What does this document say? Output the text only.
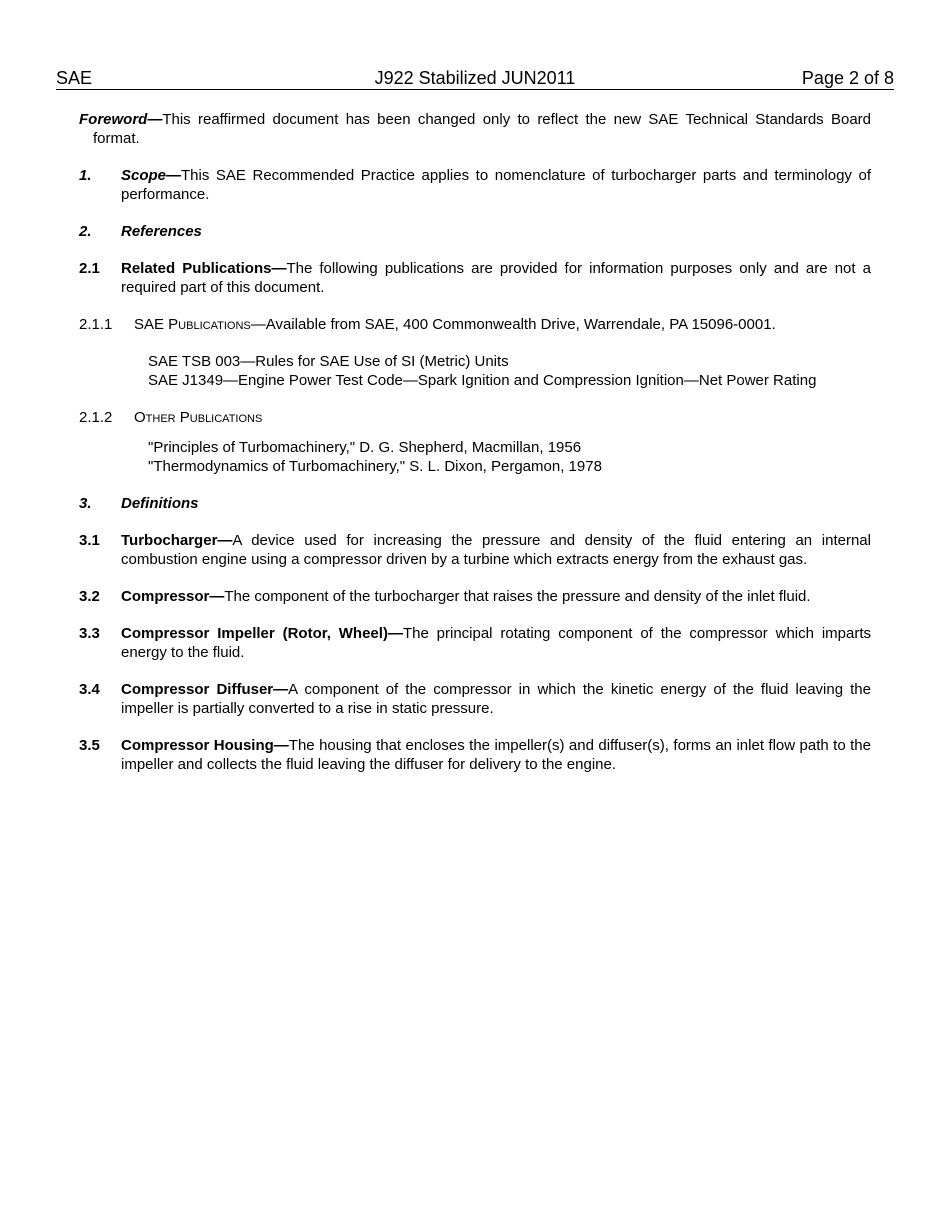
SAE	J922 Stabilized JUN2011	Page 2 of 8

Foreword—This reaffirmed document has been changed only to reflect the new SAE Technical Standards Board format.

1. Scope—This SAE Recommended Practice applies to nomenclature of turbocharger parts and terminology of performance.
2. References
2.1 Related Publications—The following publications are provided for information purposes only and are not a required part of this document.
2.1.1 SAE Publications—Available from SAE, 400 Commonwealth Drive, Warrendale, PA 15096-0001.
SAE TSB 003—Rules for SAE Use of SI (Metric) Units
SAE J1349—Engine Power Test Code—Spark Ignition and Compression Ignition—Net Power Rating
2.1.2 Other Publications
"Principles of Turbomachinery," D. G. Shepherd, Macmillan, 1956
"Thermodynamics of Turbomachinery," S. L. Dixon, Pergamon, 1978
3. Definitions
3.1 Turbocharger—A device used for increasing the pressure and density of the fluid entering an internal combustion engine using a compressor driven by a turbine which extracts energy from the exhaust gas.
3.2 Compressor—The component of the turbocharger that raises the pressure and density of the inlet fluid.
3.3 Compressor Impeller (Rotor, Wheel)—The principal rotating component of the compressor which imparts energy to the fluid.
3.4 Compressor Diffuser—A component of the compressor in which the kinetic energy of the fluid leaving the impeller is partially converted to a rise in static pressure.
3.5 Compressor Housing—The housing that encloses the impeller(s) and diffuser(s), forms an inlet flow path to the impeller and collects the fluid leaving the diffuser for delivery to the engine.
